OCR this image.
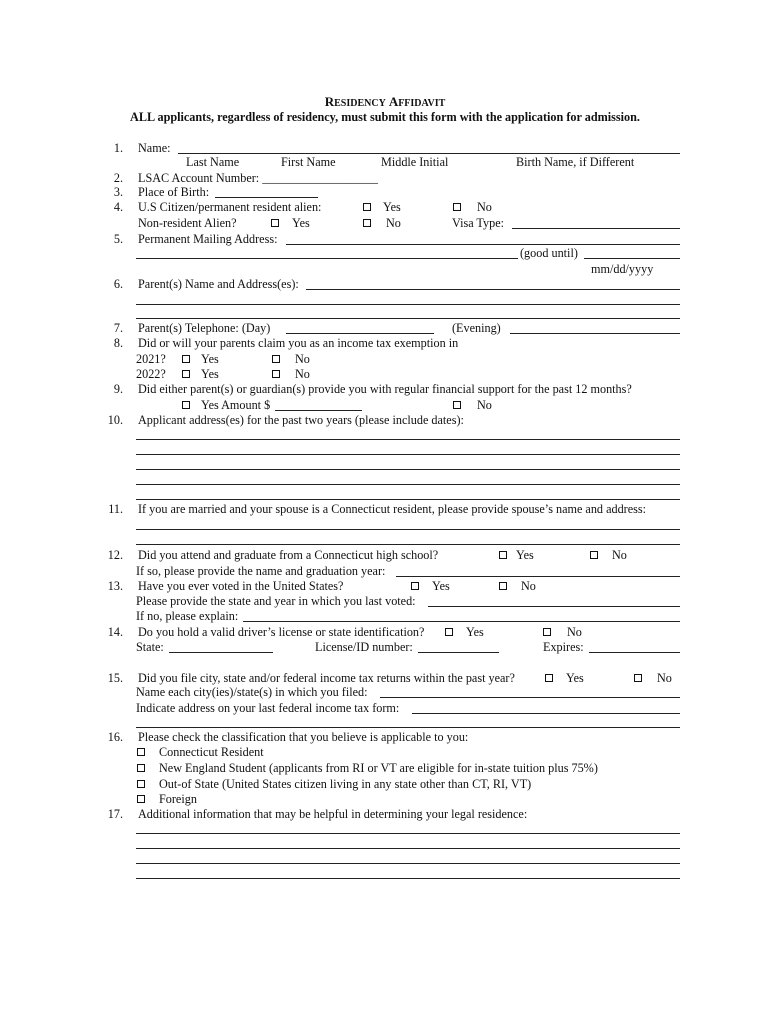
RESIDENCY AFFIDAVIT
ALL applicants, regardless of residency, must submit this form with the application for admission.
1. Name:
Last Name	First Name	Middle Initial	Birth Name, if Different
2. LSAC Account Number: ___________________
3. Place of Birth:
4. U.S Citizen/permanent resident alien:	Yes	No
Non-resident Alien?	Yes	No	Visa Type:
5. Permanent Mailing Address:
(good until)
mm/dd/yyyy
6. Parent(s) Name and Address(es):
7. Parent(s) Telephone: (Day)	(Evening)
8. Did or will your parents claim you as an income tax exemption in
2021?	Yes	No
2022?	Yes	No
9. Did either parent(s) or guardian(s) provide you with regular financial support for the past 12 months?
Yes Amount $	No
10. Applicant address(es) for the past two years (please include dates):
11. If you are married and your spouse is a Connecticut resident, please provide spouse’s name and address:
12. Did you attend and graduate from a Connecticut high school?	Yes	No
If so, please provide the name and graduation year:
13. Have you ever voted in the United States?	Yes	No
Please provide the state and year in which you last voted:
If no, please explain:
14. Do you hold a valid driver’s license or state identification?	Yes	No
State:	License/ID number:	Expires:
15. Did you file city, state and/or federal income tax returns within the past year?	Yes	No
Name each city(ies)/state(s) in which you filed:
Indicate address on your last federal income tax form:
16. Please check the classification that you believe is applicable to you:
Connecticut Resident
New England Student (applicants from RI or VT are eligible for in-state tuition plus 75%)
Out-of State (United States citizen living in any state other than CT, RI, VT)
Foreign
17. Additional information that may be helpful in determining your legal residence:
